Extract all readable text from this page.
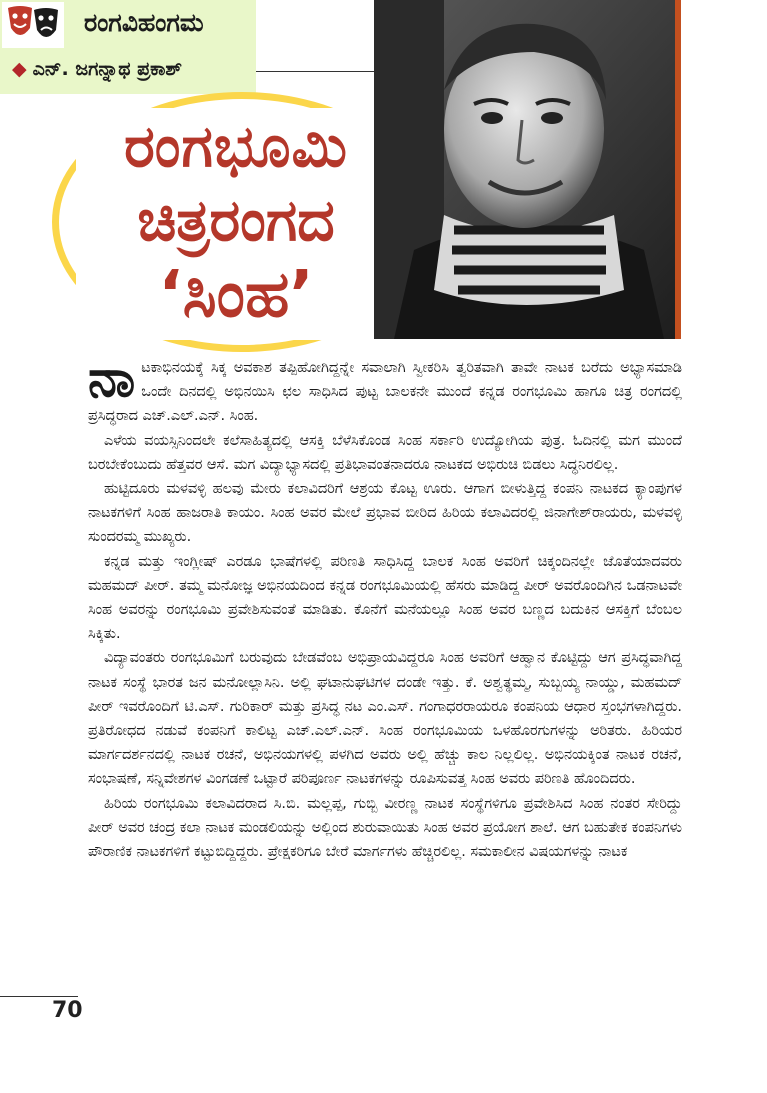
ರಂಗವಿಹಂಗಮ
◆ ಎನ್. ಜಗನ್ನಾಥ ಪ್ರಕಾಶ್
ರಂಗಭೂಮಿ
ಚಿತ್ರರಂಗದ
‘ಸಿಂಹ’

ನಾಟಕಾಭಿನಯಕ್ಕೆ ಸಿಕ್ಕ ಅವಕಾಶ ತಪ್ಪಿಹೋಗಿದ್ದನ್ನೇ ಸವಾಲಾಗಿ ಸ್ವೀಕರಿಸಿ ತ್ವರಿತವಾಗಿ ತಾವೇ ನಾಟಕ ಬರೆದು ಅಭ್ಯಾಸಮಾಡಿ ಒಂದೇ ದಿನದಲ್ಲಿ ಅಭಿನಯಿಸಿ ಛಲ ಸಾಧಿಸಿದ ಪುಟ್ಟ ಬಾಲಕನೇ ಮುಂದೆ ಕನ್ನಡ ರಂಗಭೂಮಿ ಹಾಗೂ ಚಿತ್ರ ರಂಗದಲ್ಲಿ ಪ್ರಸಿದ್ಧರಾದ ಎಚ್.ಎಲ್.ಎನ್. ಸಿಂಹ.

ಎಳೆಯ ವಯಸ್ಸಿನಿಂದಲೇ ಕಲೆಸಾಹಿತ್ಯದಲ್ಲಿ ಆಸಕ್ತಿ ಬೆಳೆಸಿಕೊಂಡ ಸಿಂಹ ಸರ್ಕಾರಿ ಉದ್ಯೋಗಿಯ ಪುತ್ರ. ಓದಿನಲ್ಲಿ ಮಗ ಮುಂದೆ ಬರಬೇಕೆಂಬುದು ಹೆತ್ತವರ ಆಸೆ. ಮಗ ವಿದ್ಯಾಭ್ಯಾಸದಲ್ಲಿ ಪ್ರತಿಭಾವಂತನಾದರೂ ನಾಟಕದ ಅಭಿರುಚಿ ಬಿಡಲು ಸಿದ್ಧನಿರಲಿಲ್ಲ.

ಹುಟ್ಟಿದೂರು ಮಳವಳ್ಳಿ ಹಲವು ಮೇರು ಕಲಾವಿದರಿಗೆ ಆಶ್ರಯ ಕೊಟ್ಟ ಊರು. ಆಗಾಗ ಬೀಳುತ್ತಿದ್ದ ಕಂಪನಿ ನಾಟಕದ ಕ್ಯಾಂಪುಗಳ ನಾಟಕಗಳಿಗೆ ಸಿಂಹ ಹಾಜರಾತಿ ಕಾಯಂ. ಸಿಂಹ ಅವರ ಮೇಲೆ ಪ್ರಭಾವ ಬೀರಿದ ಹಿರಿಯ ಕಲಾವಿದರಲ್ಲಿ ಜಿನಾಗೇಶ್‌ರಾಯರು, ಮಳವಳ್ಳಿ ಸುಂದರಮ್ಮ ಮುಖ್ಯರು.

ಕನ್ನಡ ಮತ್ತು ಇಂಗ್ಲೀಷ್ ಎರಡೂ ಭಾಷೆಗಳಲ್ಲಿ ಪರಿಣತಿ ಸಾಧಿಸಿದ್ದ ಬಾಲಕ ಸಿಂಹ ಅವರಿಗೆ ಚಿಕ್ಕಂದಿನಲ್ಲೇ ಜೊತೆಯಾದವರು ಮಹಮದ್ ಪೀರ್. ತಮ್ಮ ಮನೋಜ್ಞ ಅಭಿನಯದಿಂದ ಕನ್ನಡ ರಂಗಭೂಮಿಯಲ್ಲಿ ಹೆಸರು ಮಾಡಿದ್ದ ಪೀರ್ ಅವರೊಂದಿಗಿನ ಒಡನಾಟವೇ ಸಿಂಹ ಅವರನ್ನು ರಂಗಭೂಮಿ ಪ್ರವೇಶಿಸುವಂತೆ ಮಾಡಿತು. ಕೊನೆಗೆ ಮನೆಯಲ್ಲೂ ಸಿಂಹ ಅವರ ಬಣ್ಣದ ಬದುಕಿನ ಆಸಕ್ತಿಗೆ ಬೆಂಬಲ ಸಿಕ್ಕಿತು.

ವಿದ್ಯಾವಂತರು ರಂಗಭೂಮಿಗೆ ಬರುವುದು ಬೇಡವೆಂಬ ಅಭಿಪ್ರಾಯವಿದ್ದರೂ ಸಿಂಹ ಅವರಿಗೆ ಆಹ್ವಾನ ಕೊಟ್ಟಿದ್ದು ಆಗ ಪ್ರಸಿದ್ಧವಾಗಿದ್ದ ನಾಟಕ ಸಂಸ್ಥೆ ಭಾರತ ಜನ ಮನೋಲ್ಲಾಸಿನಿ. ಅಲ್ಲಿ ಘಟಾನುಘಟಿಗಳ ದಂಡೇ ಇತ್ತು. ಕೆ. ಅಶ್ವತ್ಥಮ್ಮ, ಸುಬ್ಬಯ್ಯ ನಾಯ್ಡು, ಮಹಮದ್ ಪೀರ್ ಇವರೊಂದಿಗೆ ಟಿ.ಎಸ್. ಗುರಿಕಾರ್ ಮತ್ತು ಪ್ರಸಿದ್ಧ ನಟ ಎಂ.ಎಸ್. ಗಂಗಾಧರರಾಯರೂ ಕಂಪನಿಯ ಆಧಾರ ಸ್ತಂಭಗಳಾಗಿದ್ದರು. ಪ್ರತಿರೋಧದ ನಡುವೆ ಕಂಪನಿಗೆ ಕಾಲಿಟ್ಟ ಎಚ್.ಎಲ್.ಎನ್. ಸಿಂಹ ರಂಗಭೂಮಿಯ ಒಳಹೊರಗುಗಳನ್ನು ಅರಿತರು. ಹಿರಿಯರ ಮಾರ್ಗದರ್ಶನದಲ್ಲಿ ನಾಟಕ ರಚನೆ, ಅಭಿನಯಗಳಲ್ಲಿ ಪಳಗಿದ ಅವರು ಅಲ್ಲಿ ಹೆಚ್ಚು ಕಾಲ ನಿಲ್ಲಲಿಲ್ಲ. ಅಭಿನಯಕ್ಕಿಂತ ನಾಟಕ ರಚನೆ, ಸಂಭಾಷಣೆ, ಸನ್ನಿವೇಶಗಳ ವಿಂಗಡಣೆ ಒಟ್ಟಾರೆ ಪರಿಪೂರ್ಣ ನಾಟಕಗಳನ್ನು ರೂಪಿಸುವತ್ತ ಸಿಂಹ ಅವರು ಪರಿಣತಿ ಹೊಂದಿದರು.

ಹಿರಿಯ ರಂಗಭೂಮಿ ಕಲಾವಿದರಾದ ಸಿ.ಬಿ. ಮಲ್ಲಪ್ಪ, ಗುಬ್ಬಿ ವೀರಣ್ಣ ನಾಟಕ ಸಂಸ್ಥೆಗಳಿಗೂ ಪ್ರವೇಶಿಸಿದ ಸಿಂಹ ನಂತರ ಸೇರಿದ್ದು ಪೀರ್ ಅವರ ಚಂದ್ರ ಕಲಾ ನಾಟಕ ಮಂಡಲಿಯನ್ನು ಅಲ್ಲಿಂದ ಶುರುವಾಯಿತು ಸಿಂಹ ಅವರ ಪ್ರಯೋಗ ಶಾಲೆ. ಆಗ ಬಹುತೇಕ ಕಂಪನಿಗಳು ಪೌರಾಣಿಕ ನಾಟಕಗಳಿಗೆ ಕಟ್ಟುಬಿದ್ದಿದ್ದರು. ಪ್ರೇಕ್ಷಕರಿಗೂ ಬೇರೆ ಮಾರ್ಗಗಳು ಹೆಚ್ಚಿರಲಿಲ್ಲ. ಸಮಕಾಲೀನ ವಿಷಯಗಳನ್ನು ನಾಟಕ

70
